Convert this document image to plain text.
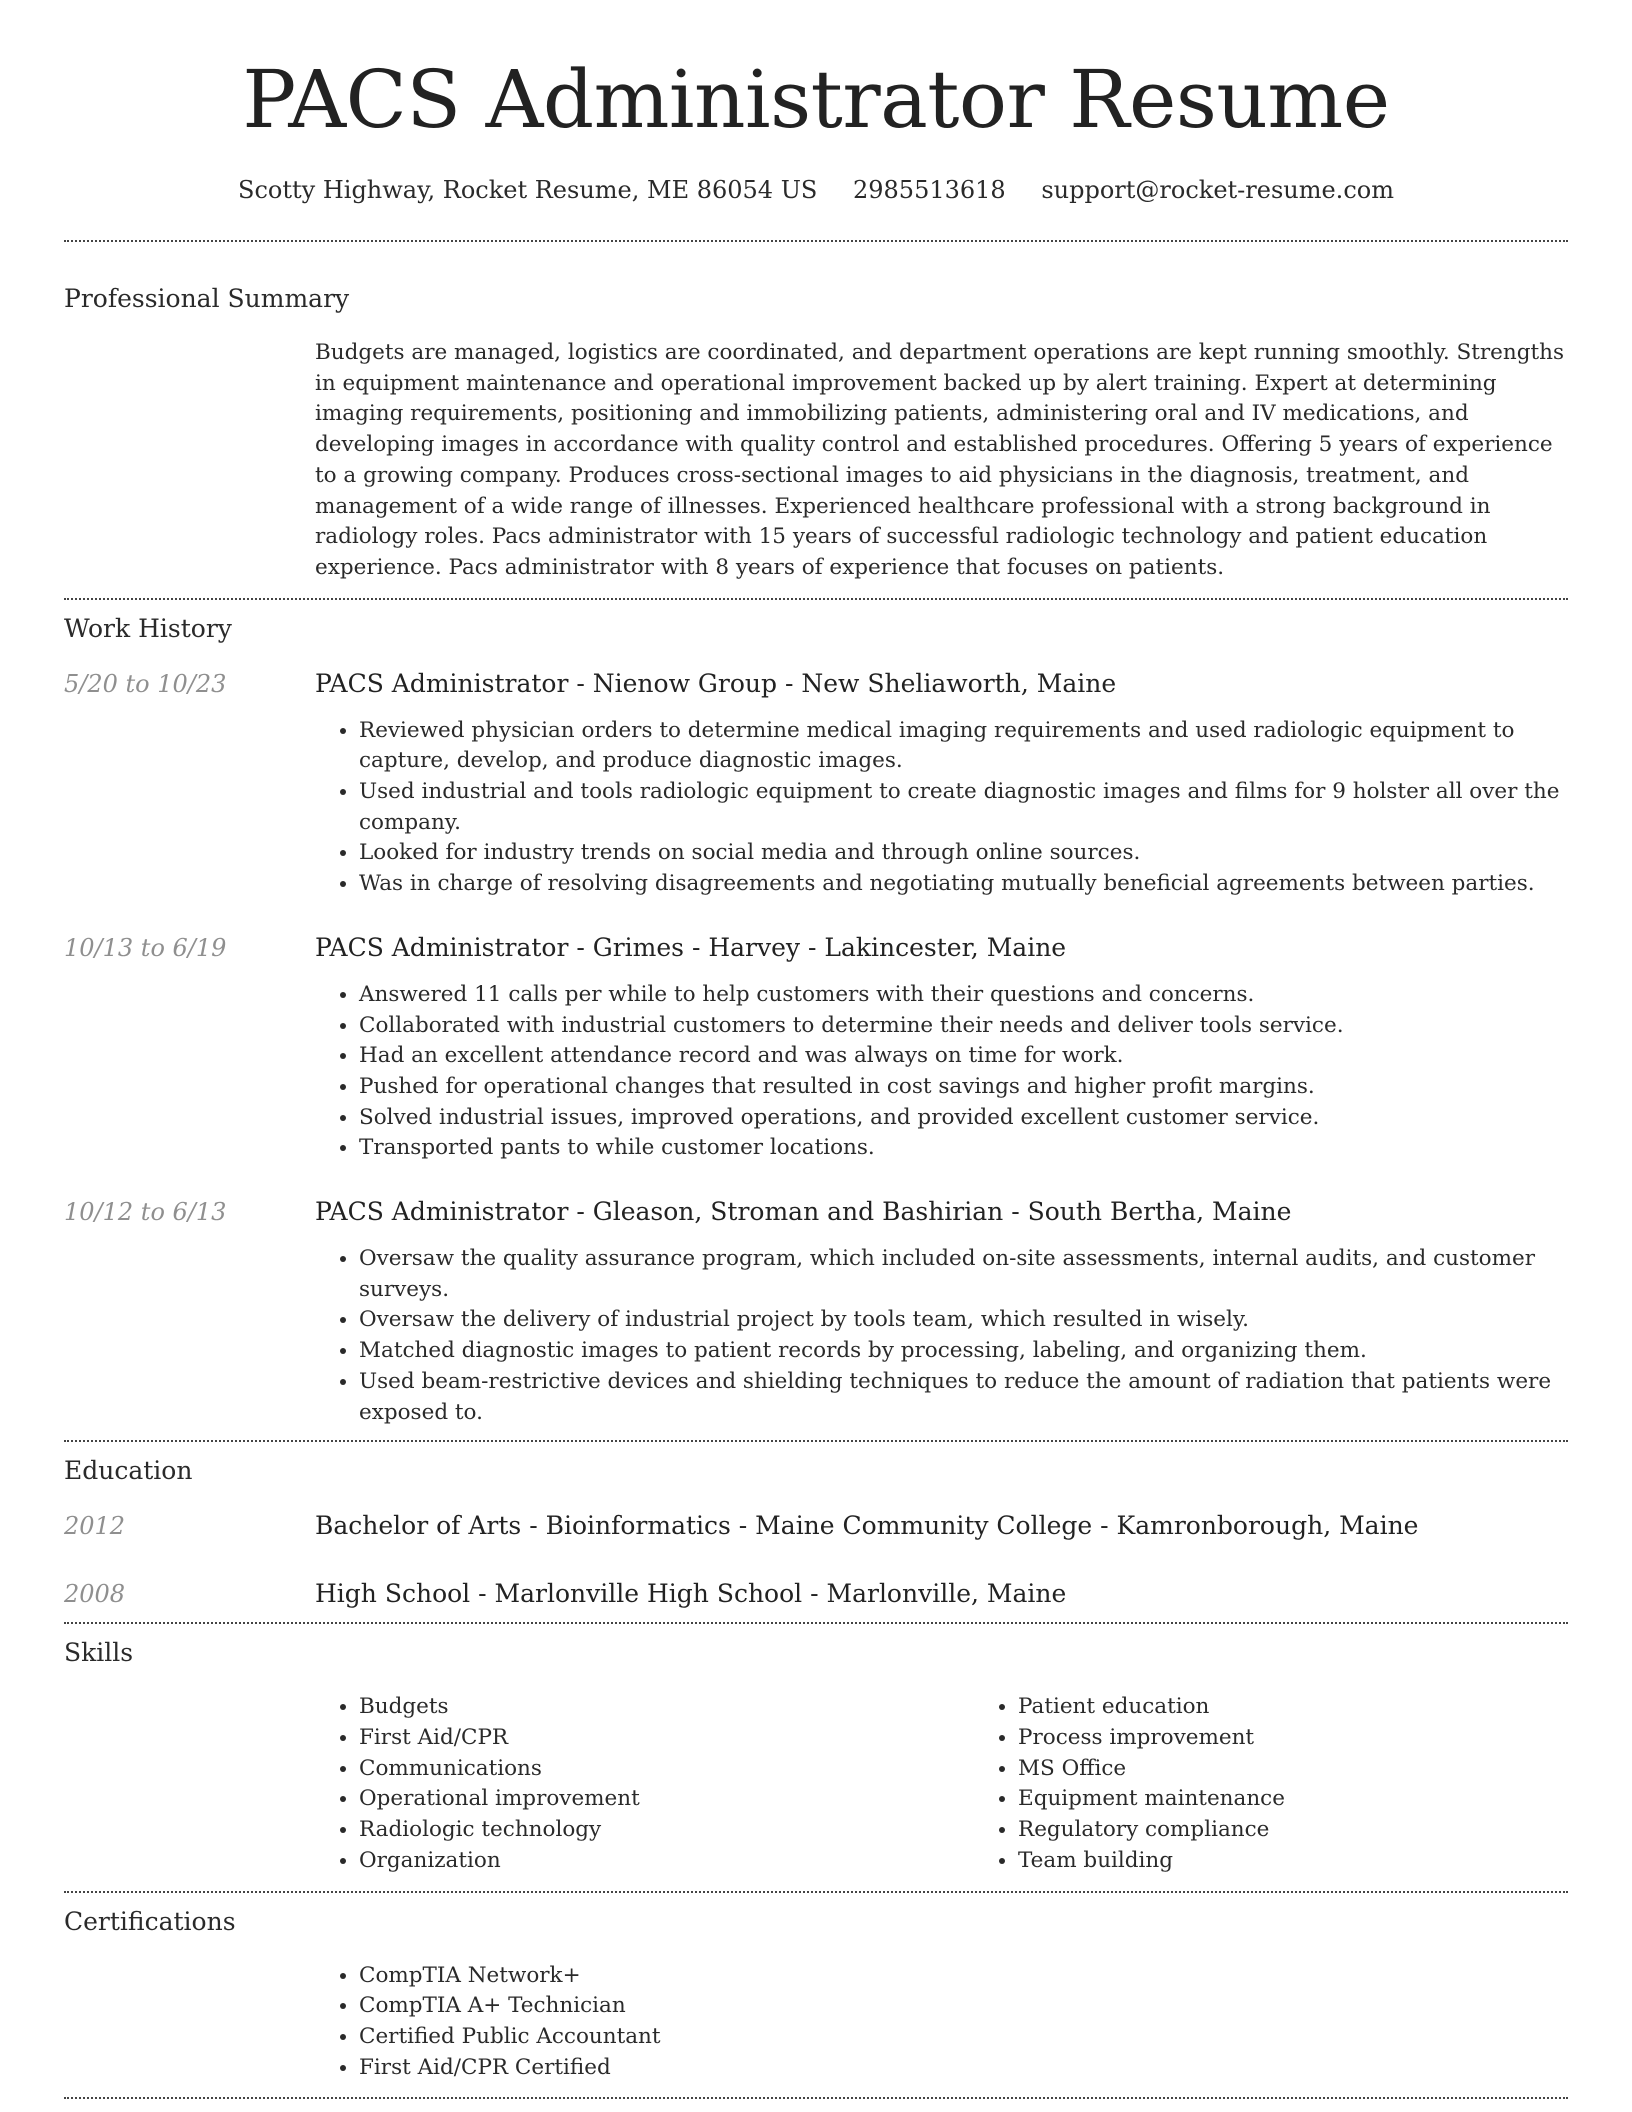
PACS Administrator Resume
Scotty Highway, Rocket Resume, ME 86054 US 2985513618 support@rocket-resume.com
Professional Summary

Budgets are managed, logistics are coordinated, and department operations are kept running smoothly. Strengths in equipment maintenance and operational improvement backed up by alert training. Expert at determining imaging requirements, positioning and immobilizing patients, administering oral and IV medications, and developing images in accordance with quality control and established procedures. Offering 5 years of experience to a growing company. Produces cross-sectional images to aid physicians in the diagnosis, treatment, and management of a wide range of illnesses. Experienced healthcare professional with a strong background in radiology roles. Pacs administrator with 15 years of successful radiologic technology and patient education experience. Pacs administrator with 8 years of experience that focuses on patients.

Work History
5/20 to 10/23	PACS Administrator - Nienow Group - New Sheliaworth, Maine
• Reviewed physician orders to determine medical imaging requirements and used radiologic equipment to capture, develop, and produce diagnostic images.
• Used industrial and tools radiologic equipment to create diagnostic images and films for 9 holster all over the company.
• Looked for industry trends on social media and through online sources.
• Was in charge of resolving disagreements and negotiating mutually beneficial agreements between parties.
10/13 to 6/19	PACS Administrator - Grimes - Harvey - Lakincester, Maine
• Answered 11 calls per while to help customers with their questions and concerns.
• Collaborated with industrial customers to determine their needs and deliver tools service.
• Had an excellent attendance record and was always on time for work.
• Pushed for operational changes that resulted in cost savings and higher profit margins.
• Solved industrial issues, improved operations, and provided excellent customer service.
• Transported pants to while customer locations.
10/12 to 6/13	PACS Administrator - Gleason, Stroman and Bashirian - South Bertha, Maine
• Oversaw the quality assurance program, which included on-site assessments, internal audits, and customer surveys.
• Oversaw the delivery of industrial project by tools team, which resulted in wisely.
• Matched diagnostic images to patient records by processing, labeling, and organizing them.
• Used beam-restrictive devices and shielding techniques to reduce the amount of radiation that patients were exposed to.
Education
2012	Bachelor of Arts - Bioinformatics - Maine Community College - Kamronborough, Maine
2008	High School - Marlonville High School - Marlonville, Maine
Skills
• Budgets
• First Aid/CPR
• Communications
• Operational improvement
• Radiologic technology
• Organization
• Patient education
• Process improvement
• MS Office
• Equipment maintenance
• Regulatory compliance
• Team building
Certifications
• CompTIA Network+
• CompTIA A+ Technician
• Certified Public Accountant
• First Aid/CPR Certified
